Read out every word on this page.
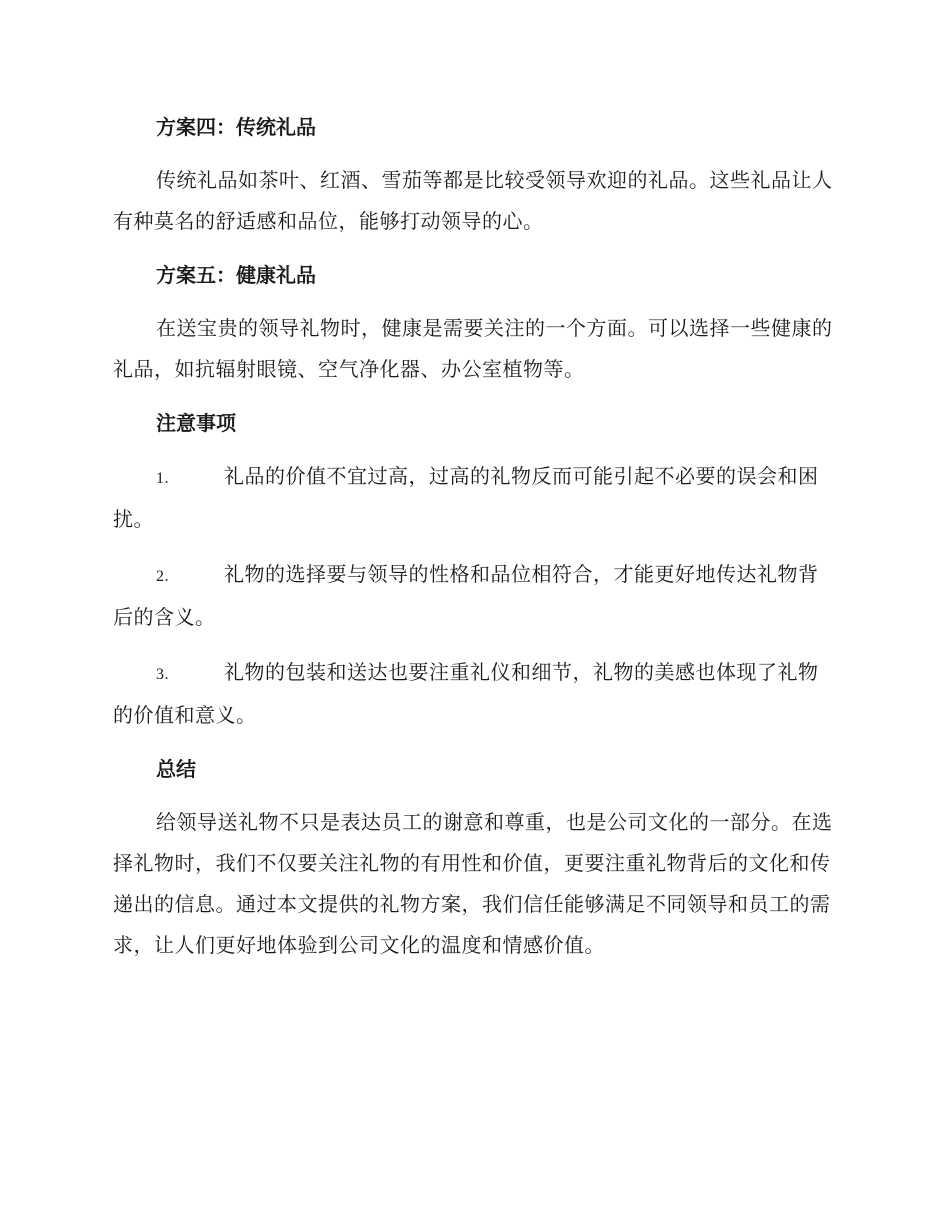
方案四：传统礼品

传统礼品如茶叶、红酒、雪茄等都是比较受领导欢迎的礼品。这些礼品让人有种莫名的舒适感和品位，能够打动领导的心。

方案五：健康礼品

在送宝贵的领导礼物时，健康是需要关注的一个方面。可以选择一些健康的礼品，如抗辐射眼镜、空气净化器、办公室植物等。

注意事项

1.	礼品的价值不宜过高，过高的礼物反而可能引起不必要的误会和困扰。

2.	礼物的选择要与领导的性格和品位相符合，才能更好地传达礼物背后的含义。

3.	礼物的包装和送达也要注重礼仪和细节，礼物的美感也体现了礼物的价值和意义。

总结

给领导送礼物不只是表达员工的谢意和尊重，也是公司文化的一部分。在选择礼物时，我们不仅要关注礼物的有用性和价值，更要注重礼物背后的文化和传递出的信息。通过本文提供的礼物方案，我们信任能够满足不同领导和员工的需求，让人们更好地体验到公司文化的温度和情感价值。
